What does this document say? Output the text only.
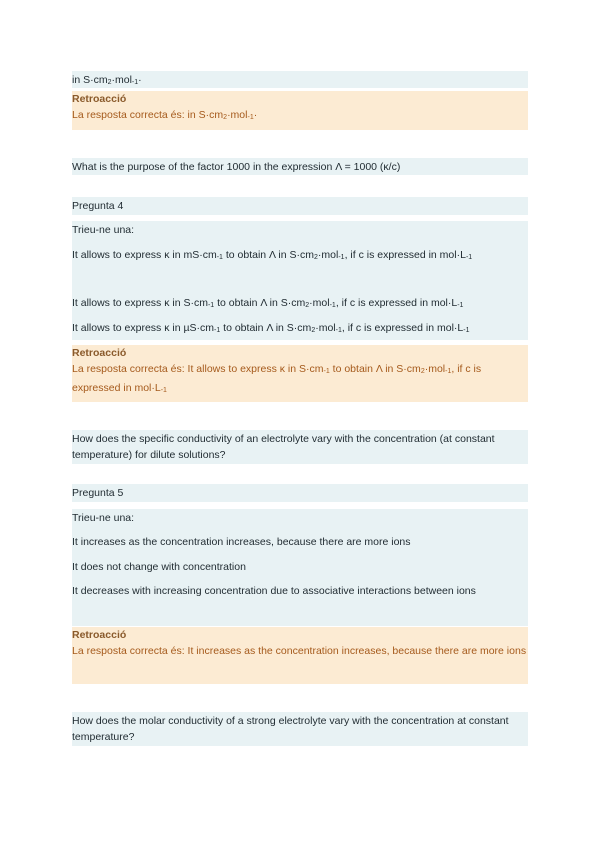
in $S\cdot cm_2\cdot mol_{-1}\cdot$
Retroacció
La resposta correcta és: in $S\cdot cm_2\cdot mol_{-1}\cdot$
What is the purpose of the factor 1000 in the expression Λ = 1000 (κ/c)
Pregunta 4
Trieu-ne una:
It allows to express κ in $mS\cdot cm_{-1}$ to obtain Λ in $S\cdot cm_2\cdot mol_{-1}$, if c is expressed in $mol\cdot L_{-1}$
It allows to express κ in $S\cdot cm_{-1}$ to obtain Λ in $S\cdot cm_2\cdot mol_{-1}$, if c is expressed in $mol\cdot L_{-1}$
It allows to express κ in $\mu S\cdot cm_{-1}$ to obtain Λ in $S\cdot cm_2\cdot mol_{-1}$, if c is expressed in $mol\cdot L_{-1}$
Retroacció
La resposta correcta és: It allows to express κ in $S\cdot cm_{-1}$ to obtain Λ in $S\cdot cm_2\cdot mol_{-1}$, if c is
expressed in $mol\cdot L_{-1}$
How does the specific conductivity of an electrolyte vary with the concentration (at constant temperature) for dilute solutions?
Pregunta 5
Trieu-ne una:
It increases as the concentration increases, because there are more ions
It does not change with concentration
It decreases with increasing concentration due to associative interactions between ions
Retroacció
La resposta correcta és: It increases as the concentration increases, because there are more ions
How does the molar conductivity of a strong electrolyte vary with the concentration at constant temperature?
